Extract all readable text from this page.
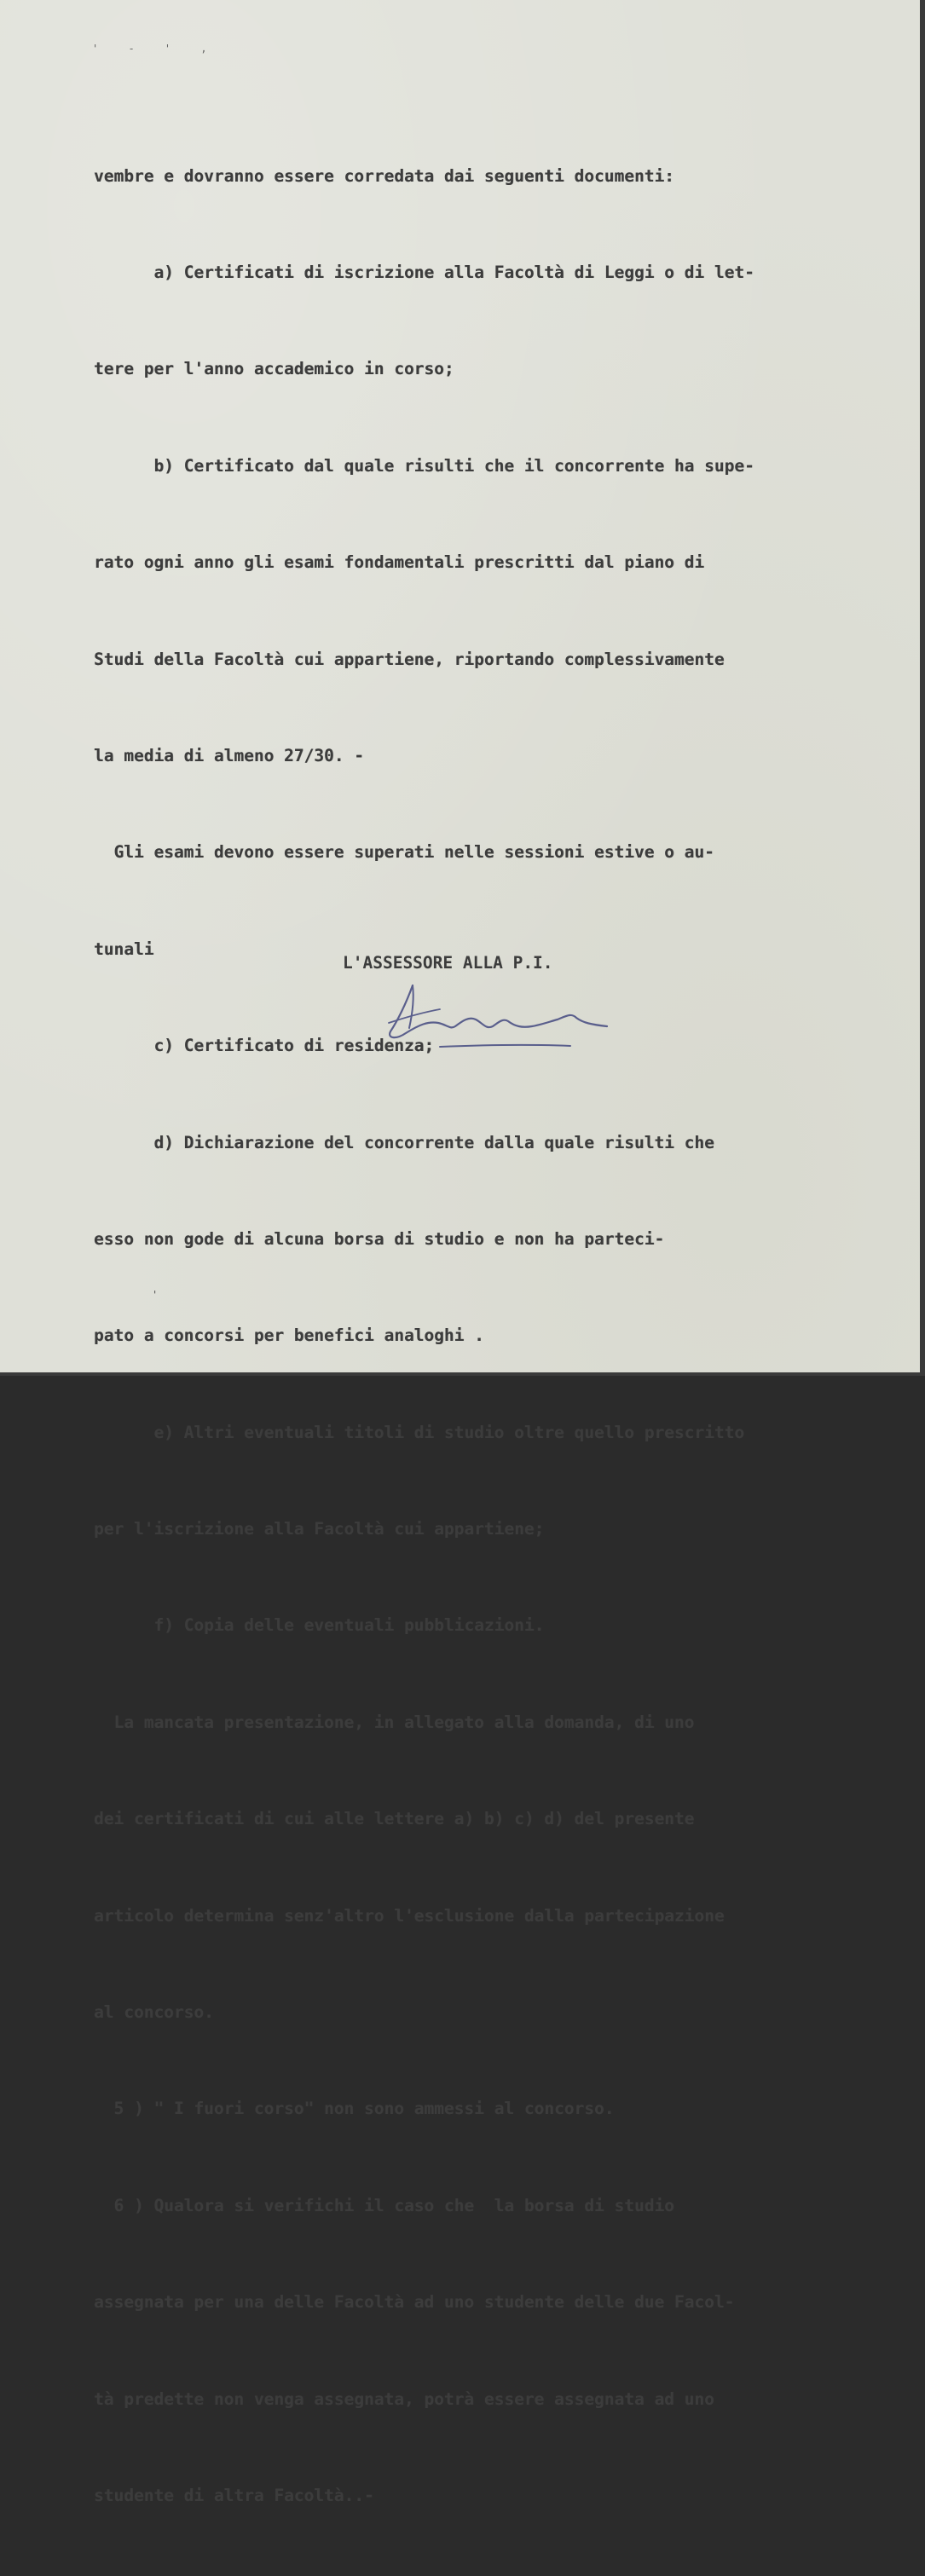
' - ' ,

vembre e dovranno essere corredata dai seguenti documenti:

a) Certificati di iscrizione alla Facoltà di Leggi o di let-

tere per l'anno accademico in corso;

b) Certificato dal quale risulti che il concorrente ha supe-

rato ogni anno gli esami fondamentali prescritti dal piano di

Studi della Facoltà cui appartiene, riportando complessivamente

la media di almeno 27/30. -

Gli esami devono essere superati nelle sessioni estive o au-

tunali

c) Certificato di residenza;

d) Dichiarazione del concorrente dalla quale risulti che

esso non gode di alcuna borsa di studio e non ha parteci-

pato a concorsi per benefici analoghi .

e) Altri eventuali titoli di studio oltre quello prescritto

per l'iscrizione alla Facoltà cui appartiene;

f) Copia delle eventuali pubblicazioni.

La mancata presentazione, in allegato alla domanda, di uno

dei certificati di cui alle lettere a) b) c) d) del presente

articolo determina senz'altro l'esclusione dalla partecipazione

al concorso.

5 ) " I fuori corso" non sono ammessi al concorso.

6 ) Qualora si verifichi il caso che  la borsa di studio

assegnata per una delle Facoltà ad uno studente delle due Facol-

tà predette non venga assegnata, potrà essere assegnata ad uno

studente di altra Facoltà..-

L'ASSESSORE ALLA P.I.
'
